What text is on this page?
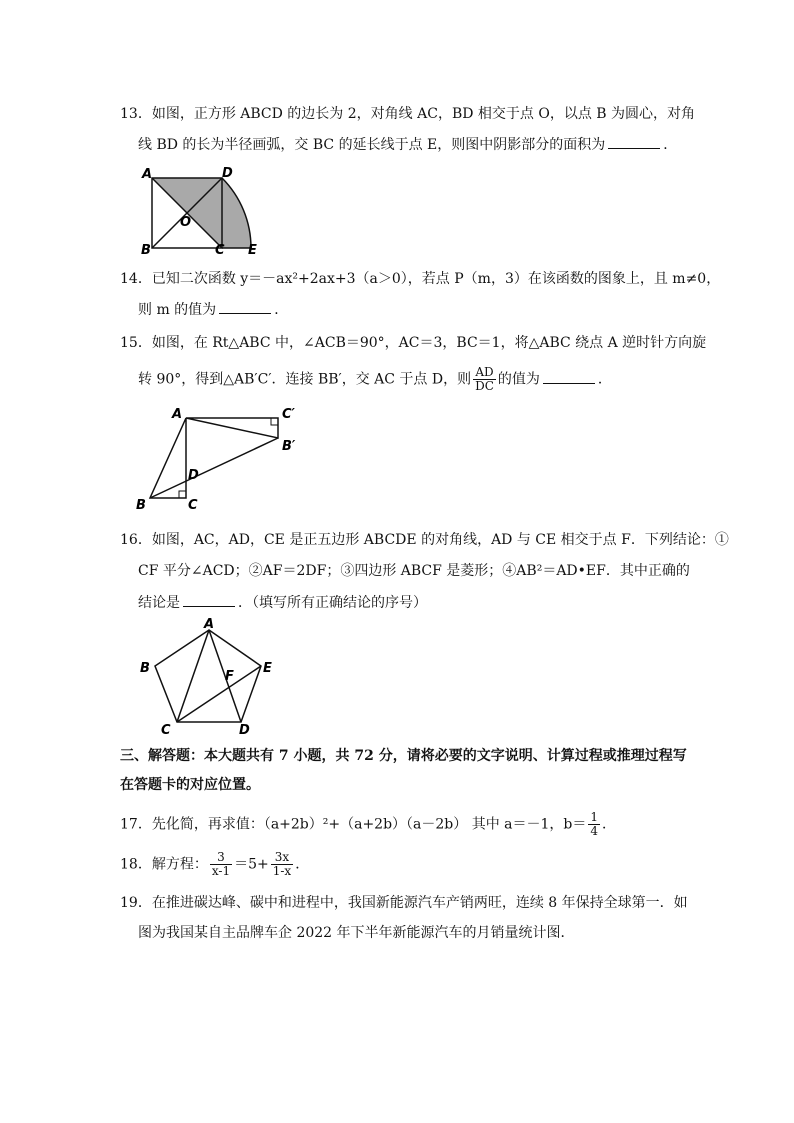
13．如图，正方形 ABCD 的边长为 2，对角线 AC，BD 相交于点 O，以点 B 为圆心，对角
线 BD 的长为半径画弧，交 BC 的延长线于点 E，则图中阴影部分的面积为	．
A	D
B	C
O
E
14．已知二次函数 y＝－ax²+2ax+3（a＞0），若点 P（m，3）在该函数的图象上，且 m≠0，
则 m 的值为	．
15．如图，在 Rt△ABC 中，∠ACB＝90°，AC＝3，BC＝1，将△ABC 绕点 A 逆时针方向旋
转 90°，得到△AB′C′．连接 BB′，交 AC 于点 D，则 $\frac{AD}{DC}$ 的值为	．
A	C′
B′
D
B	C
16．如图，AC，AD，CE 是正五边形 ABCDE 的对角线，AD 与 CE 相交于点 F．下列结论：①
CF 平分∠ACD；②AF＝2DF；③四边形 ABCF 是菱形；④AB²＝AD•EF．其中正确的
结论是	．（填写所有正确结论的序号）
A
B	E
F
C	D
三、解答题：本大题共有 7 小题，共 72 分，请将必要的文字说明、计算过程或推理过程写
在答题卡的对应位置。
17．先化简，再求值：（a+2b）²+（a+2b）（a－2b） 其中 a＝－1，$b= \frac{1}{4}$ ．
18．解方程： $\frac{3}{x-1} =5+ \frac{3x}{1-x}$ ．
19．在推进碳达峰、碳中和进程中，我国新能源汽车产销两旺，连续 8 年保持全球第一．如
图为我国某自主品牌车企 2022 年下半年新能源汽车的月销量统计图．
